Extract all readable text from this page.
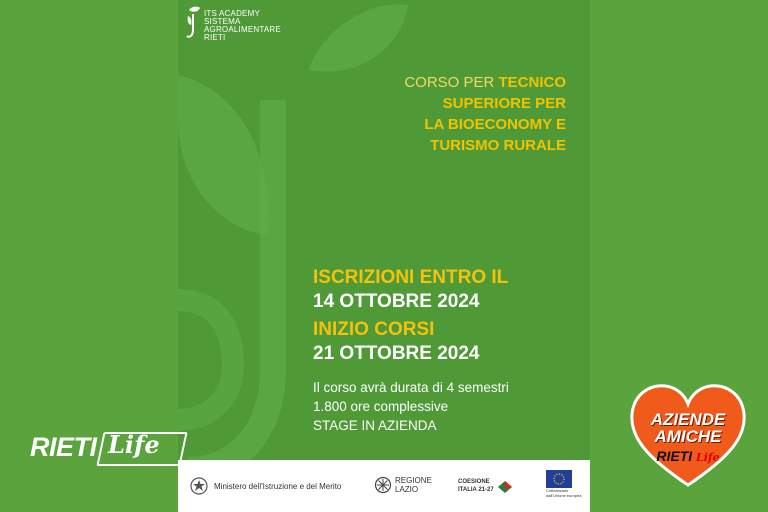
ITS ACADEMY
SISTEMA
AGROALIMENTARE
RIETI
CORSO PER TECNICO
SUPERIORE PER
LA BIOECONOMY E
TURISMO RURALE
ISCRIZIONI ENTRO IL
14 OTTOBRE 2024
INIZIO CORSI
21 OTTOBRE 2024
Il corso avrà durata di 4 semestri
1.800 ore complessive
STAGE IN AZIENDA
Ministero dell'Istruzione e del Merito
REGIONE
LAZIO
COESIONE
ITALIA 21-27	Cofinanziato dall'Unione europea
RIETI Life
AZIENDE
AMICHE
RIETI Life
